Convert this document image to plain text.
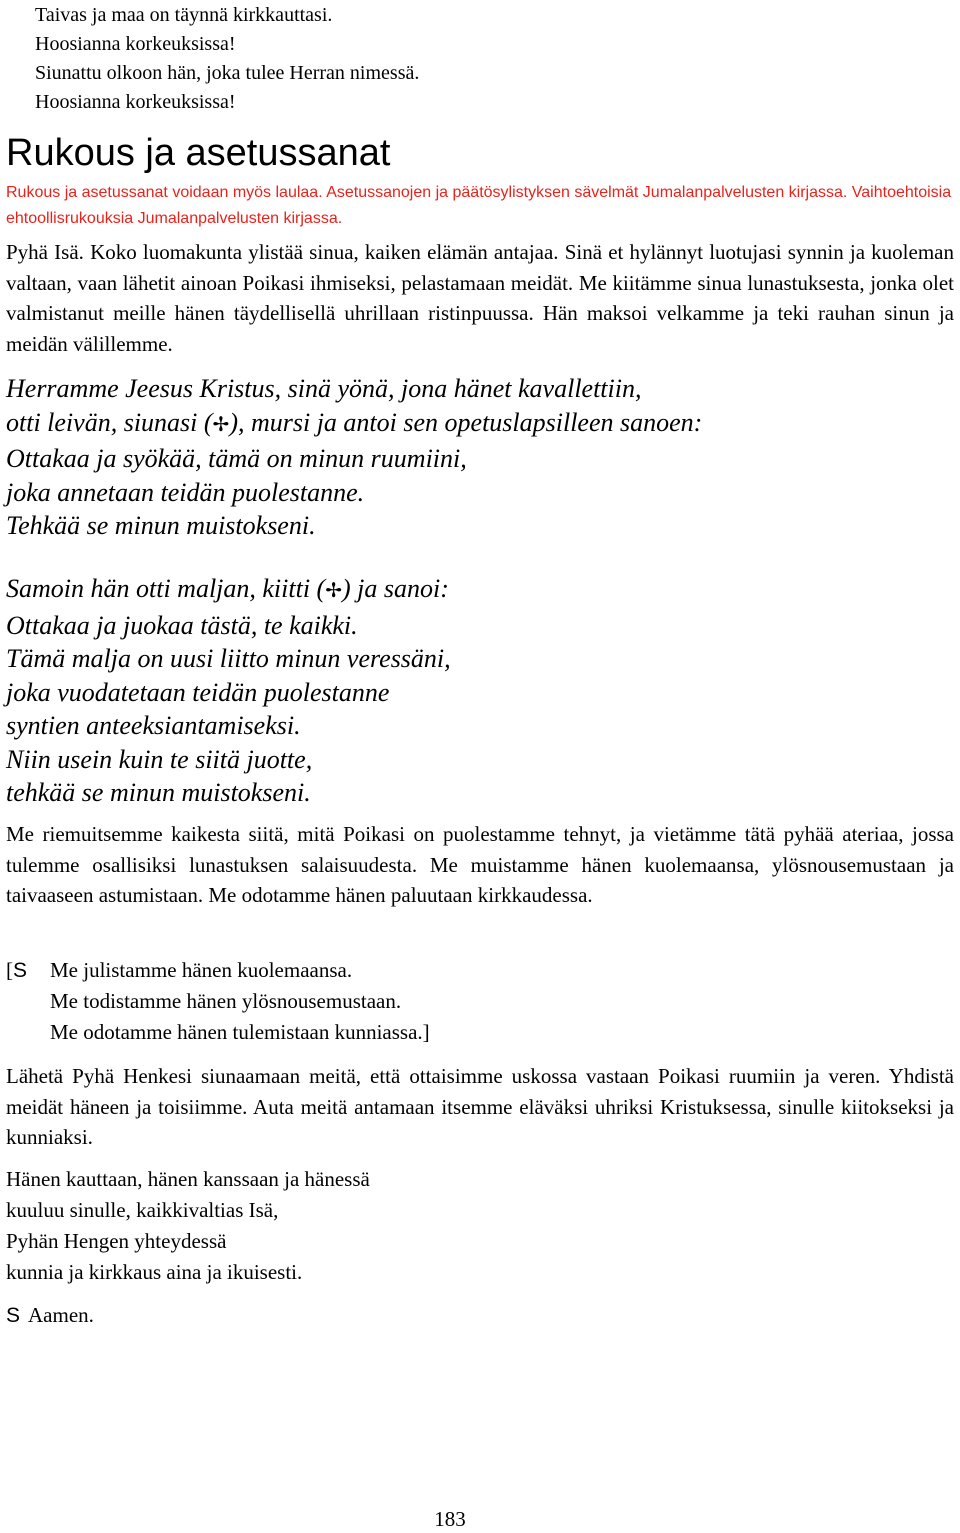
Taivas ja maa on täynnä kirkkauttasi.
Hoosianna korkeuksissa!
Siunattu olkoon hän, joka tulee Herran nimessä.
Hoosianna korkeuksissa!
Rukous ja asetussanat
Rukous ja asetussanat voidaan myös laulaa. Asetussanojen ja päätösylistyksen sävelmät Jumalanpalvelusten kirjassa. Vaihtoehtoisia ehtoollisrukouksia Jumalanpalvelusten kirjassa.
Pyhä Isä. Koko luomakunta ylistää sinua, kaiken elämän antajaa. Sinä et hylännyt luotujasi synnin ja kuoleman valtaan, vaan lähetit ainoan Poikasi ihmiseksi, pelastamaan meidät. Me kiitämme sinua lunastuksesta, jonka olet valmistanut meille hänen täydellisellä uhrillaan ristinpuussa. Hän maksoi velkamme ja teki rauhan sinun ja meidän välillemme.
Herramme Jeesus Kristus, sinä yönä, jona hänet kavallettiin,
otti leivän, siunasi (✢), mursi ja antoi sen opetuslapsilleen sanoen:
Ottakaa ja syökää, tämä on minun ruumiini,
joka annetaan teidän puolestanne.
Tehkää se minun muistokseni.
Samoin hän otti maljan, kiitti (✢) ja sanoi:
Ottakaa ja juokaa tästä, te kaikki.
Tämä malja on uusi liitto minun veressäni,
joka vuodatetaan teidän puolestanne
syntien anteeksiantamiseksi.
Niin usein kuin te siitä juotte,
tehkää se minun muistokseni.
Me riemuitsemme kaikesta siitä, mitä Poikasi on puolestamme tehnyt, ja vietämme tätä pyhää ateriaa, jossa tulemme osallisiksi lunastuksen salaisuudesta. Me muistamme hänen kuolemaansa, ylösnousemustaan ja taivaaseen astumistaan. Me odotamme hänen paluutaan kirkkaudessa.
[S Me julistamme hänen kuolemaansa.
Me todistamme hänen ylösnousemustaan.
Me odotamme hänen tulemistaan kunniassa.]
Lähetä Pyhä Henkesi siunaamaan meitä, että ottaisimme uskossa vastaan Poikasi ruumiin ja veren. Yhdistä meidät häneen ja toisiimme. Auta meitä antamaan itsemme eläväksi uhriksi Kristuksessa, sinulle kiitokseksi ja kunniaksi.
Hänen kauttaan, hänen kanssaan ja hänessä
kuuluu sinulle, kaikkivaltias Isä,
Pyhän Hengen yhteydessä
kunnia ja kirkkaus aina ja ikuisesti.
S Aamen.
183
